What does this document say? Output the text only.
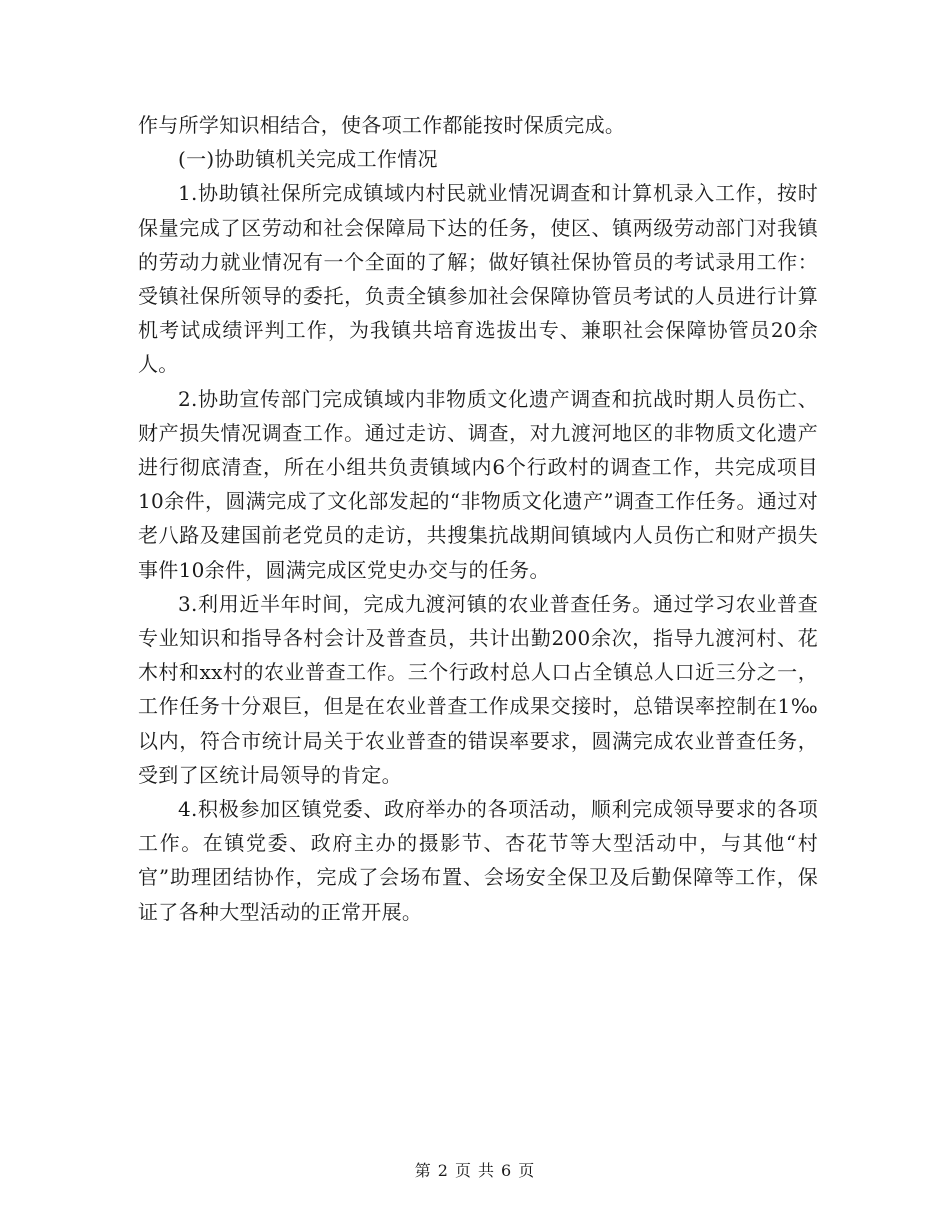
作与所学知识相结合，使各项工作都能按时保质完成。

(一)协助镇机关完成工作情况

1.协助镇社保所完成镇域内村民就业情况调查和计算机录入工作，按时保量完成了区劳动和社会保障局下达的任务，使区、镇两级劳动部门对我镇的劳动力就业情况有一个全面的了解；做好镇社保协管员的考试录用工作：受镇社保所领导的委托，负责全镇参加社会保障协管员考试的人员进行计算机考试成绩评判工作，为我镇共培育选拔出专、兼职社会保障协管员20余人。

2.协助宣传部门完成镇域内非物质文化遗产调查和抗战时期人员伤亡、财产损失情况调查工作。通过走访、调查，对九渡河地区的非物质文化遗产进行彻底清查，所在小组共负责镇域内6个行政村的调查工作，共完成项目10余件，圆满完成了文化部发起的“非物质文化遗产”调查工作任务。通过对老八路及建国前老党员的走访，共搜集抗战期间镇域内人员伤亡和财产损失事件10余件，圆满完成区党史办交与的任务。

3.利用近半年时间，完成九渡河镇的农业普查任务。通过学习农业普查专业知识和指导各村会计及普查员，共计出勤200余次，指导九渡河村、花木村和xx村的农业普查工作。三个行政村总人口占全镇总人口近三分之一，工作任务十分艰巨，但是在农业普查工作成果交接时，总错误率控制在1‰以内，符合市统计局关于农业普查的错误率要求，圆满完成农业普查任务，受到了区统计局领导的肯定。

4.积极参加区镇党委、政府举办的各项活动，顺利完成领导要求的各项工作。在镇党委、政府主办的摄影节、杏花节等大型活动中，与其他“村官”助理团结协作，完成了会场布置、会场安全保卫及后勤保障等工作，保证了各种大型活动的正常开展。

第 2 页 共 6 页
